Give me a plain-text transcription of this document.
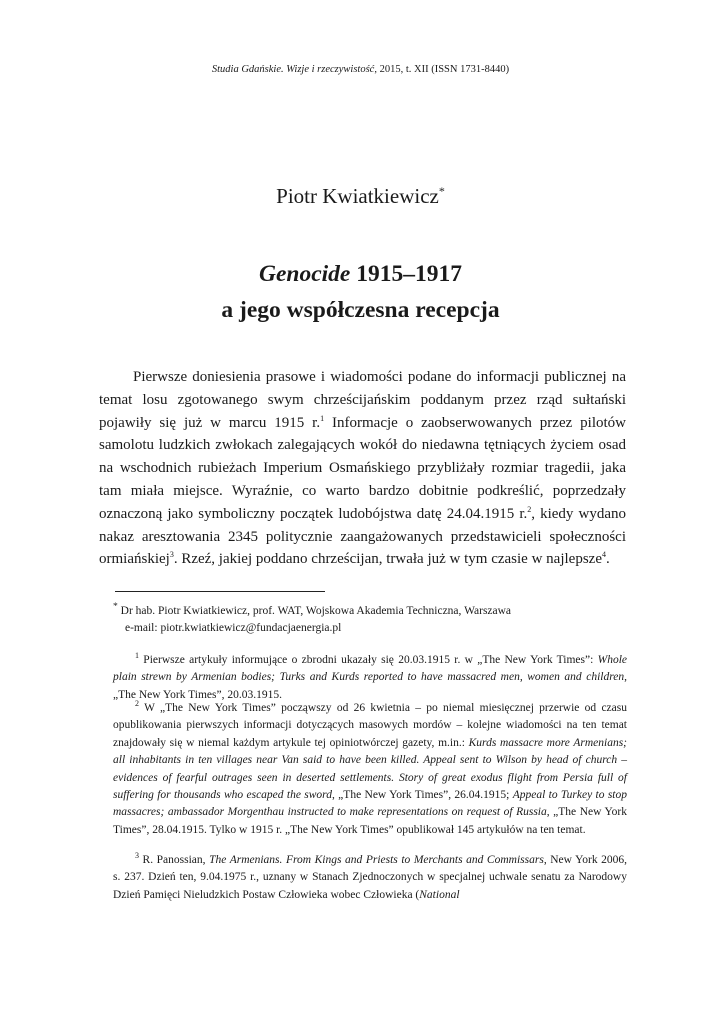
Studia Gdańskie. Wizje i rzeczywistość, 2015, t. XII (ISSN 1731-8440)
Piotr Kwiatkiewicz*
Genocide 1915–1917
a jego współczesna recepcja

Pierwsze doniesienia prasowe i wiadomości podane do informacji publicznej na temat losu zgotowanego swym chrześcijańskim poddanym przez rząd sułtański pojawiły się już w marcu 1915 r.$^1$ Informacje o zaobserwowanych przez pilotów samolotu ludzkich zwłokach zalegających wokół do niedawna tętniących życiem osad na wschodnich rubieżach Imperium Osmańskiego przybliżały rozmiar tragedii, jaka tam miała miejsce. Wyraźnie, co warto bardzo dobitnie podkreślić, poprzedzały oznaczoną jako symboliczny początek ludobójstwa datę 24.04.1915 r.$^2$, kiedy wydano nakaz aresztowania 2345 politycznie zaangażowanych przedstawicieli społeczności ormiańskiej$^3$. Rzeź, jakiej poddano chrześcijan, trwała już w tym czasie w najlepsze$^4$.

* Dr hab. Piotr Kwiatkiewicz, prof. WAT, Wojskowa Akademia Techniczna, Warszawa
e-mail: piotr.kwiatkiewicz@fundacjaenergia.pl

$^1$ Pierwsze artykuły informujące o zbrodni ukazały się 20.03.1915 r. w „The New York Times”: Whole plain strewn by Armenian bodies; Turks and Kurds reported to have massacred men, women and children, „The New York Times”, 20.03.1915.

$^2$ W „The New York Times” począwszy od 26 kwietnia – po niemal miesięcznej przerwie od czasu opublikowania pierwszych informacji dotyczących masowych mordów – kolejne wiadomości na ten temat znajdowały się w niemal każdym artykule tej opiniotwórczej gazety, m.in.: Kurds massacre more Armenians; all inhabitants in ten villages near Van said to have been killed. Appeal sent to Wilson by head of church – evidences of fearful outrages seen in deserted settlements. Story of great exodus flight from Persia full of suffering for thousands who escaped the sword, „The New York Times”, 26.04.1915; Appeal to Turkey to stop massacres; ambassador Morgenthau instructed to make representations on request of Russia, „The New York Times”, 28.04.1915. Tylko w 1915 r. „The New York Times” opublikował 145 artykułów na ten temat.

$^3$ R. Panossian, The Armenians. From Kings and Priests to Merchants and Commissars, New York 2006, s. 237. Dzień ten, 9.04.1975 r., uznany w Stanach Zjednoczonych w specjalnej uchwale senatu za Narodowy Dzień Pamięci Nieludzkich Postaw Człowieka wobec Człowieka (National
